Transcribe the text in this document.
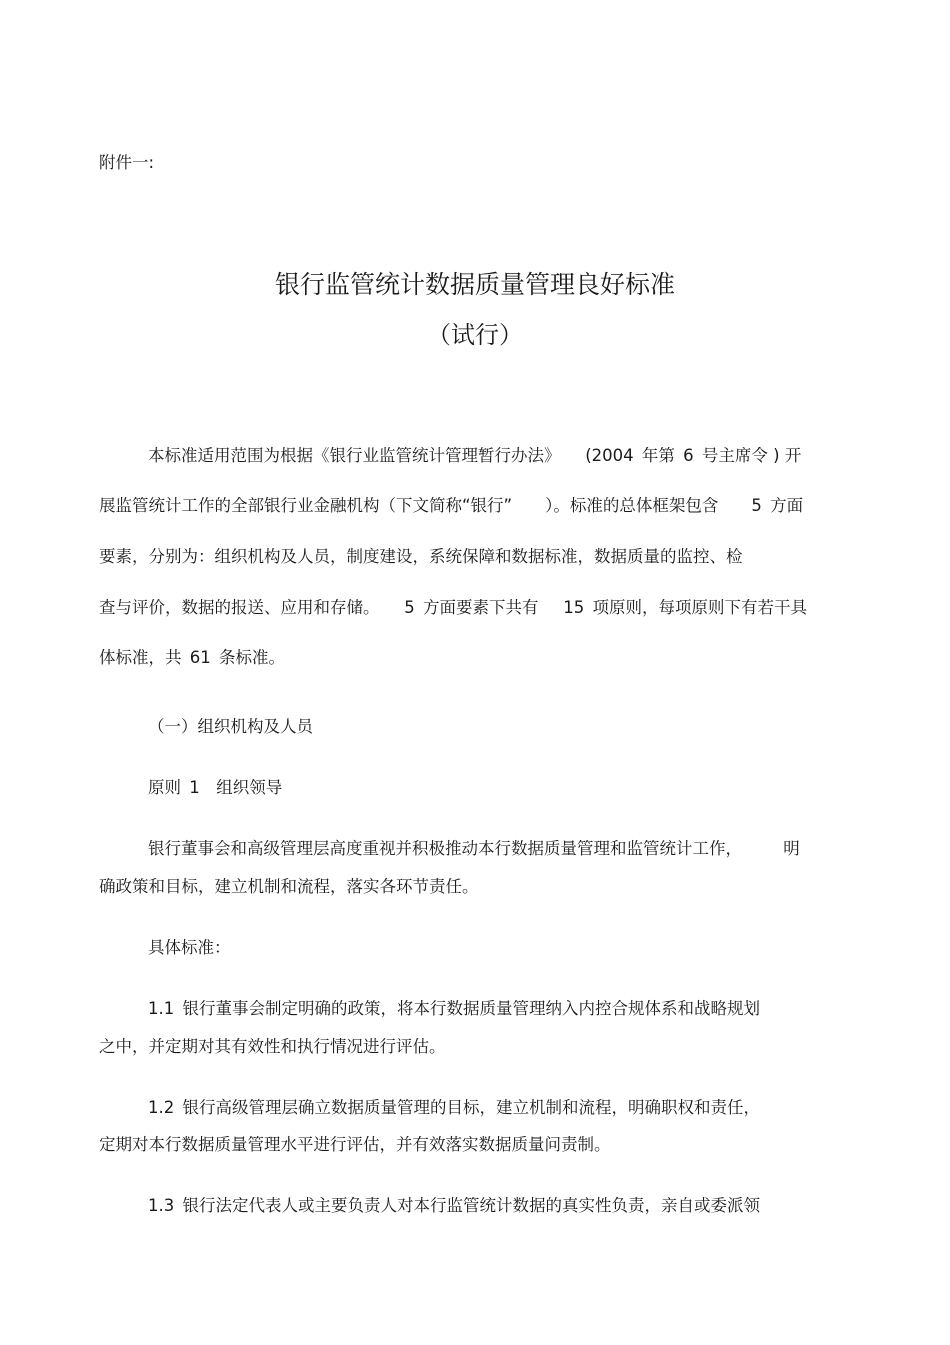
附件一:
银行监管统计数据质量管理良好标准
（试行）
本标准适用范围为根据《银行业监管统计管理暂行办法》　　(2004 年第 6 号主席令 ) 开
展监管统计工作的全部银行业金融机构（下文简称“银行”　　）。标准的总体框架包含　　5 方面
要素，分别为：组织机构及人员，制度建设，系统保障和数据标准，数据质量的监控、检
查与评价，数据的报送、应用和存储。　　5 方面要素下共有　 15 项原则，每项原则下有若干具
体标准，共 61 条标准。
（一）组织机构及人员
原则 1　组织领导
银行董事会和高级管理层高度重视并积极推动本行数据质量管理和监管统计工作，　　　明
确政策和目标，建立机制和流程，落实各环节责任。
具体标准：
1.1 银行董事会制定明确的政策，将本行数据质量管理纳入内控合规体系和战略规划
之中，并定期对其有效性和执行情况进行评估。
1.2 银行高级管理层确立数据质量管理的目标，建立机制和流程，明确职权和责任，
定期对本行数据质量管理水平进行评估，并有效落实数据质量问责制。
1.3 银行法定代表人或主要负责人对本行监管统计数据的真实性负责，亲自或委派领
